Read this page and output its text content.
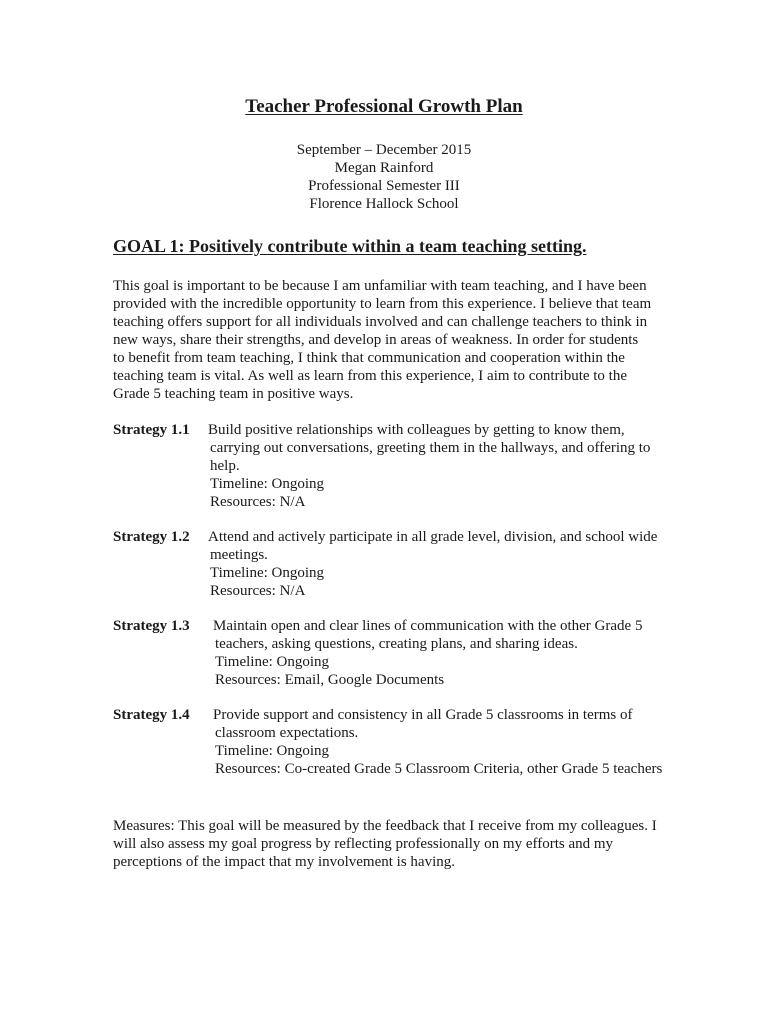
Teacher Professional Growth Plan
September – December 2015
Megan Rainford
Professional Semester III
Florence Hallock School
GOAL 1: Positively contribute within a team teaching setting.

This goal is important to be because I am unfamiliar with team teaching, and I have been provided with the incredible opportunity to learn from this experience. I believe that team teaching offers support for all individuals involved and can challenge teachers to think in new ways, share their strengths, and develop in areas of weakness. In order for students to benefit from team teaching, I think that communication and cooperation within the teaching team is vital. As well as learn from this experience, I aim to contribute to the Grade 5 teaching team in positive ways.

Strategy 1.1 Build positive relationships with colleagues by getting to know them, carrying out conversations, greeting them in the hallways, and offering to help.
Timeline: Ongoing
Resources: N/A
Strategy 1.2 Attend and actively participate in all grade level, division, and school wide meetings.
Timeline: Ongoing
Resources: N/A
Strategy 1.3 Maintain open and clear lines of communication with the other Grade 5 teachers, asking questions, creating plans, and sharing ideas.
Timeline: Ongoing
Resources: Email, Google Documents
Strategy 1.4 Provide support and consistency in all Grade 5 classrooms in terms of classroom expectations.
Timeline: Ongoing
Resources: Co-created Grade 5 Classroom Criteria, other Grade 5 teachers

Measures: This goal will be measured by the feedback that I receive from my colleagues. I will also assess my goal progress by reflecting professionally on my efforts and my perceptions of the impact that my involvement is having.
